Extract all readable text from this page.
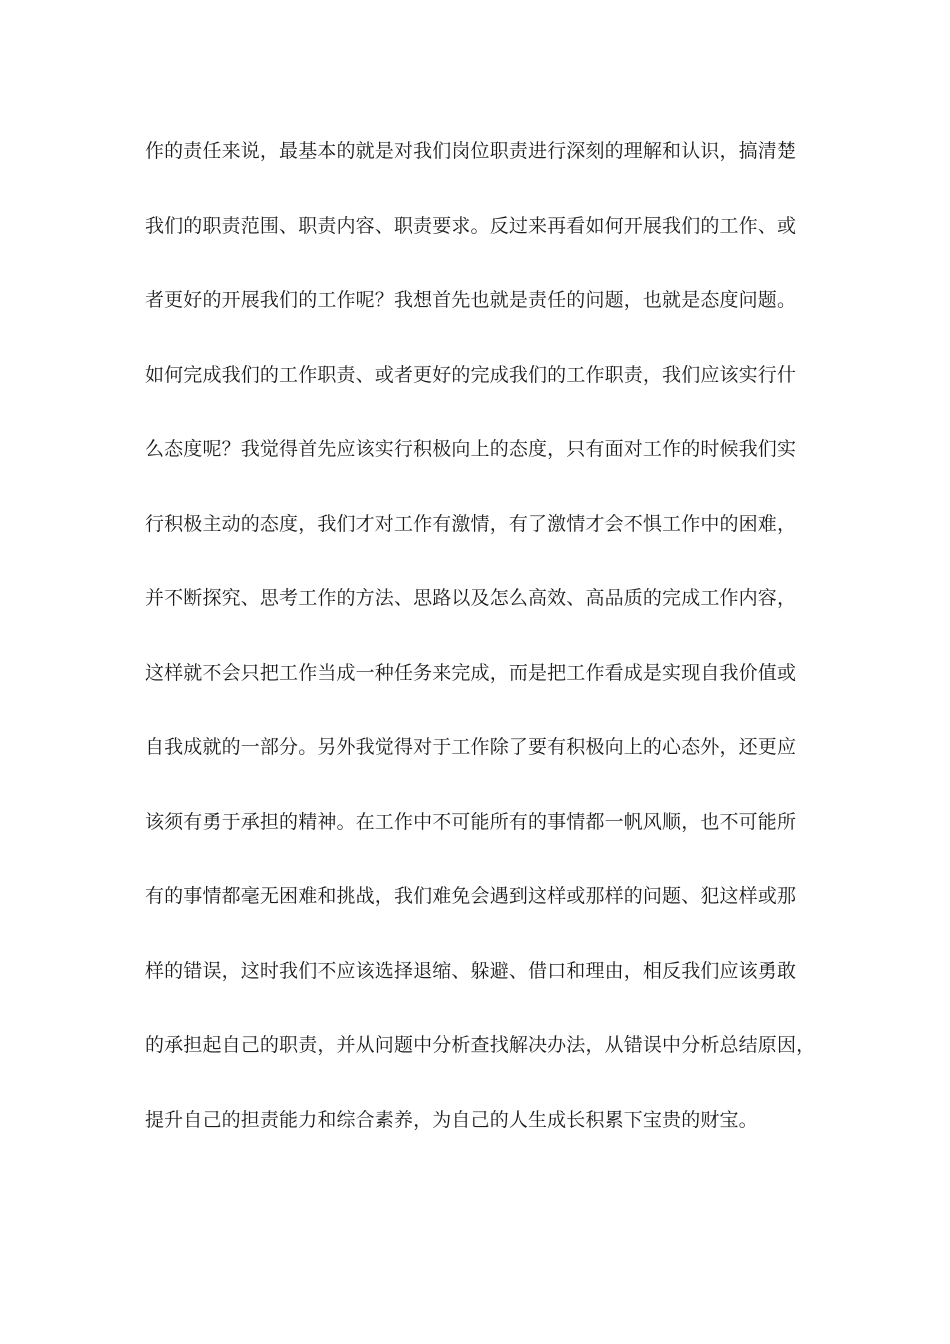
作的责任来说，最基本的就是对我们岗位职责进行深刻的理解和认识，搞清楚
我们的职责范围、职责内容、职责要求。反过来再看如何开展我们的工作、或
者更好的开展我们的工作呢？我想首先也就是责任的问题，也就是态度问题。
如何完成我们的工作职责、或者更好的完成我们的工作职责，我们应该实行什
么态度呢？我觉得首先应该实行积极向上的态度，只有面对工作的时候我们实
行积极主动的态度，我们才对工作有激情，有了激情才会不惧工作中的困难，
并不断探究、思考工作的方法、思路以及怎么高效、高品质的完成工作内容，
这样就不会只把工作当成一种任务来完成，而是把工作看成是实现自我价值或
自我成就的一部分。另外我觉得对于工作除了要有积极向上的心态外，还更应
该须有勇于承担的精神。在工作中不可能所有的事情都一帆风顺，也不可能所
有的事情都毫无困难和挑战，我们难免会遇到这样或那样的问题、犯这样或那
样的错误，这时我们不应该选择退缩、躲避、借口和理由，相反我们应该勇敢
的承担起自己的职责，并从问题中分析查找解决办法，从错误中分析总结原因，
提升自己的担责能力和综合素养，为自己的人生成长积累下宝贵的财宝。
